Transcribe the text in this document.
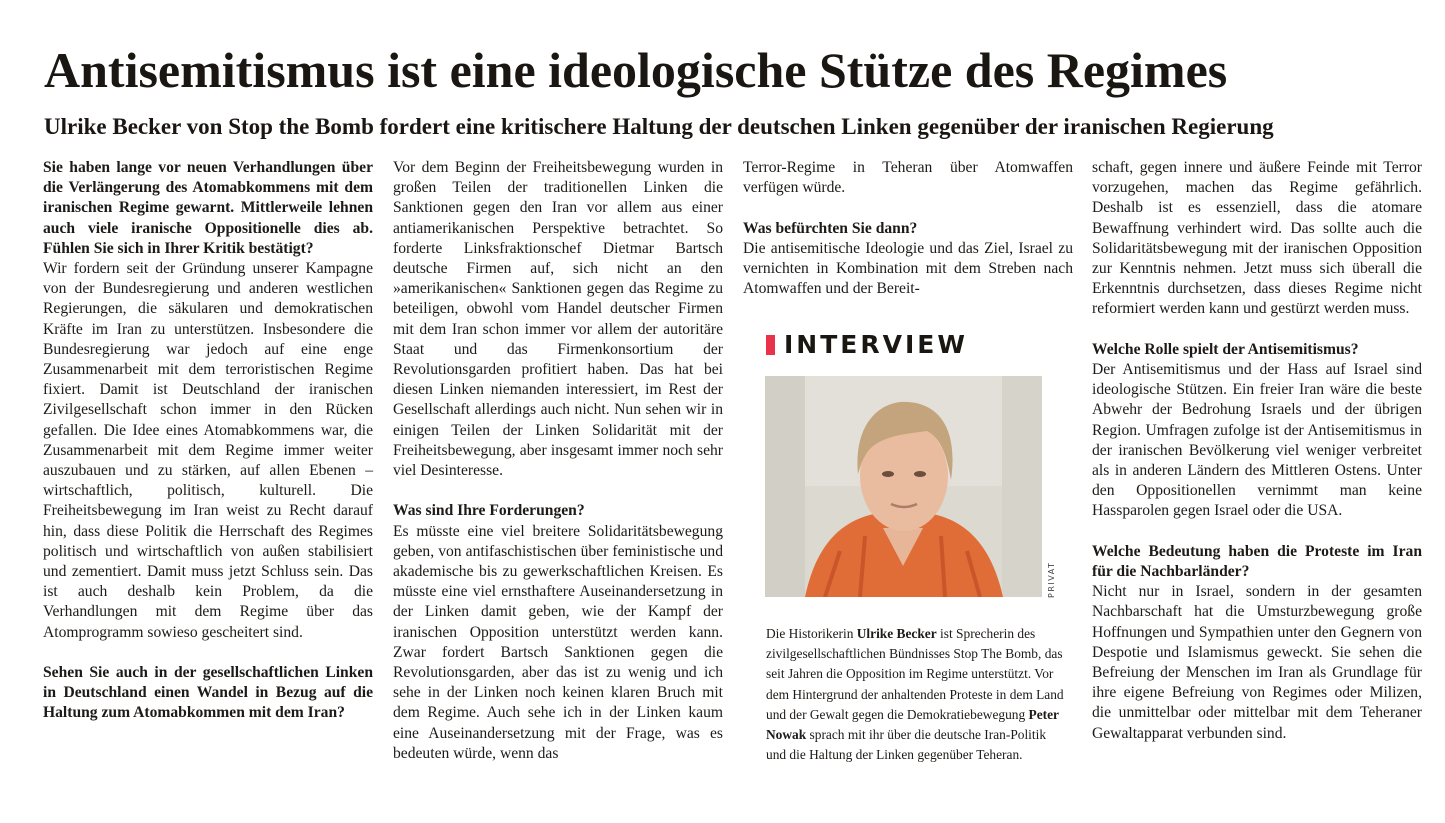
Antisemitismus ist eine ideologische Stütze des Regimes
Ulrike Becker von Stop the Bomb fordert eine kritischere Haltung der deutschen Linken gegenüber der iranischen Regierung

Sie haben lange vor neuen Verhandlungen über die Verlängerung des Atomabkommens mit dem iranischen Regime gewarnt. Mittlerweile lehnen auch viele iranische Oppositionelle dies ab. Fühlen Sie sich in Ihrer Kritik bestätigt?

Wir fordern seit der Gründung unserer Kampagne von der Bundesregierung und anderen westlichen Regierungen, die säkularen und demokratischen Kräfte im Iran zu unterstützen. Insbesondere die Bundesregierung war jedoch auf eine enge Zusammenarbeit mit dem terroristischen Regime fixiert. Damit ist Deutschland der iranischen Zivilgesellschaft schon immer in den Rücken gefallen. Die Idee eines Atomabkommens war, die Zusammenarbeit mit dem Regime immer weiter auszubauen und zu stärken, auf allen Ebenen – wirtschaftlich, politisch, kulturell. Die Freiheitsbewegung im Iran weist zu Recht darauf hin, dass diese Politik die Herrschaft des Regimes politisch und wirtschaftlich von außen stabilisiert und zementiert. Damit muss jetzt Schluss sein. Das ist auch deshalb kein Problem, da die Verhandlungen mit dem Regime über das Atomprogramm sowieso gescheitert sind.

Sehen Sie auch in der gesellschaftlichen Linken in Deutschland einen Wandel in Bezug auf die Haltung zum Atomabkommen mit dem Iran?

Vor dem Beginn der Freiheitsbewegung wurden in großen Teilen der traditionellen Linken die Sanktionen gegen den Iran vor allem aus einer antiamerikanischen Perspektive betrachtet. So forderte Linksfraktionschef Dietmar Bartsch deutsche Firmen auf, sich nicht an den »amerikanischen« Sanktionen gegen das Regime zu beteiligen, obwohl vom Handel deutscher Firmen mit dem Iran schon immer vor allem der autoritäre Staat und das Firmenkonsortium der Revolutionsgarden profitiert haben. Das hat bei diesen Linken niemanden interessiert, im Rest der Gesellschaft allerdings auch nicht. Nun sehen wir in einigen Teilen der Linken Solidarität mit der Freiheitsbewegung, aber insgesamt immer noch sehr viel Desinteresse.

Was sind Ihre Forderungen?

Es müsste eine viel breitere Solidaritätsbewegung geben, von antifaschistischen über feministische und akademische bis zu gewerkschaftlichen Kreisen. Es müsste eine viel ernsthaftere Auseinandersetzung in der Linken damit geben, wie der Kampf der iranischen Opposition unterstützt werden kann. Zwar fordert Bartsch Sanktionen gegen die Revolutionsgarden, aber das ist zu wenig und ich sehe in der Linken noch keinen klaren Bruch mit dem Regime. Auch sehe ich in der Linken kaum eine Auseinandersetzung mit der Frage, was es bedeuten würde, wenn das

Terror-Regime in Teheran über Atomwaffen verfügen würde.

Was befürchten Sie dann?

Die antisemitische Ideologie und das Ziel, Israel zu vernichten in Kombination mit dem Streben nach Atomwaffen und der Bereit-

INTERVIEW
PRIVAT
Die Historikerin Ulrike Becker ist Sprecherin des zivilgesellschaftlichen Bündnisses Stop The Bomb, das seit Jahren die Opposition im Regime unterstützt. Vor dem Hintergrund der anhaltenden Proteste in dem Land und der Gewalt gegen die Demokratiebewegung Peter Nowak sprach mit ihr über die deutsche Iran-Politik und die Haltung der Linken gegenüber Teheran.

schaft, gegen innere und äußere Feinde mit Terror vorzugehen, machen das Regime gefährlich. Deshalb ist es essenziell, dass die atomare Bewaffnung verhindert wird. Das sollte auch die Solidaritätsbewegung mit der iranischen Opposition zur Kenntnis nehmen. Jetzt muss sich überall die Erkenntnis durchsetzen, dass dieses Regime nicht reformiert werden kann und gestürzt werden muss.

Welche Rolle spielt der Antisemitismus?

Der Antisemitismus und der Hass auf Israel sind ideologische Stützen. Ein freier Iran wäre die beste Abwehr der Bedrohung Israels und der übrigen Region. Umfragen zufolge ist der Antisemitismus in der iranischen Bevölkerung viel weniger verbreitet als in anderen Ländern des Mittleren Ostens. Unter den Oppositionellen vernimmt man keine Hassparolen gegen Israel oder die USA.

Welche Bedeutung haben die Proteste im Iran für die Nachbarländer?

Nicht nur in Israel, sondern in der gesamten Nachbarschaft hat die Umsturzbewegung große Hoffnungen und Sympathien unter den Gegnern von Despotie und Islamismus geweckt. Sie sehen die Befreiung der Menschen im Iran als Grundlage für ihre eigene Befreiung von Regimes oder Milizen, die unmittelbar oder mittelbar mit dem Teheraner Gewaltapparat verbunden sind.
